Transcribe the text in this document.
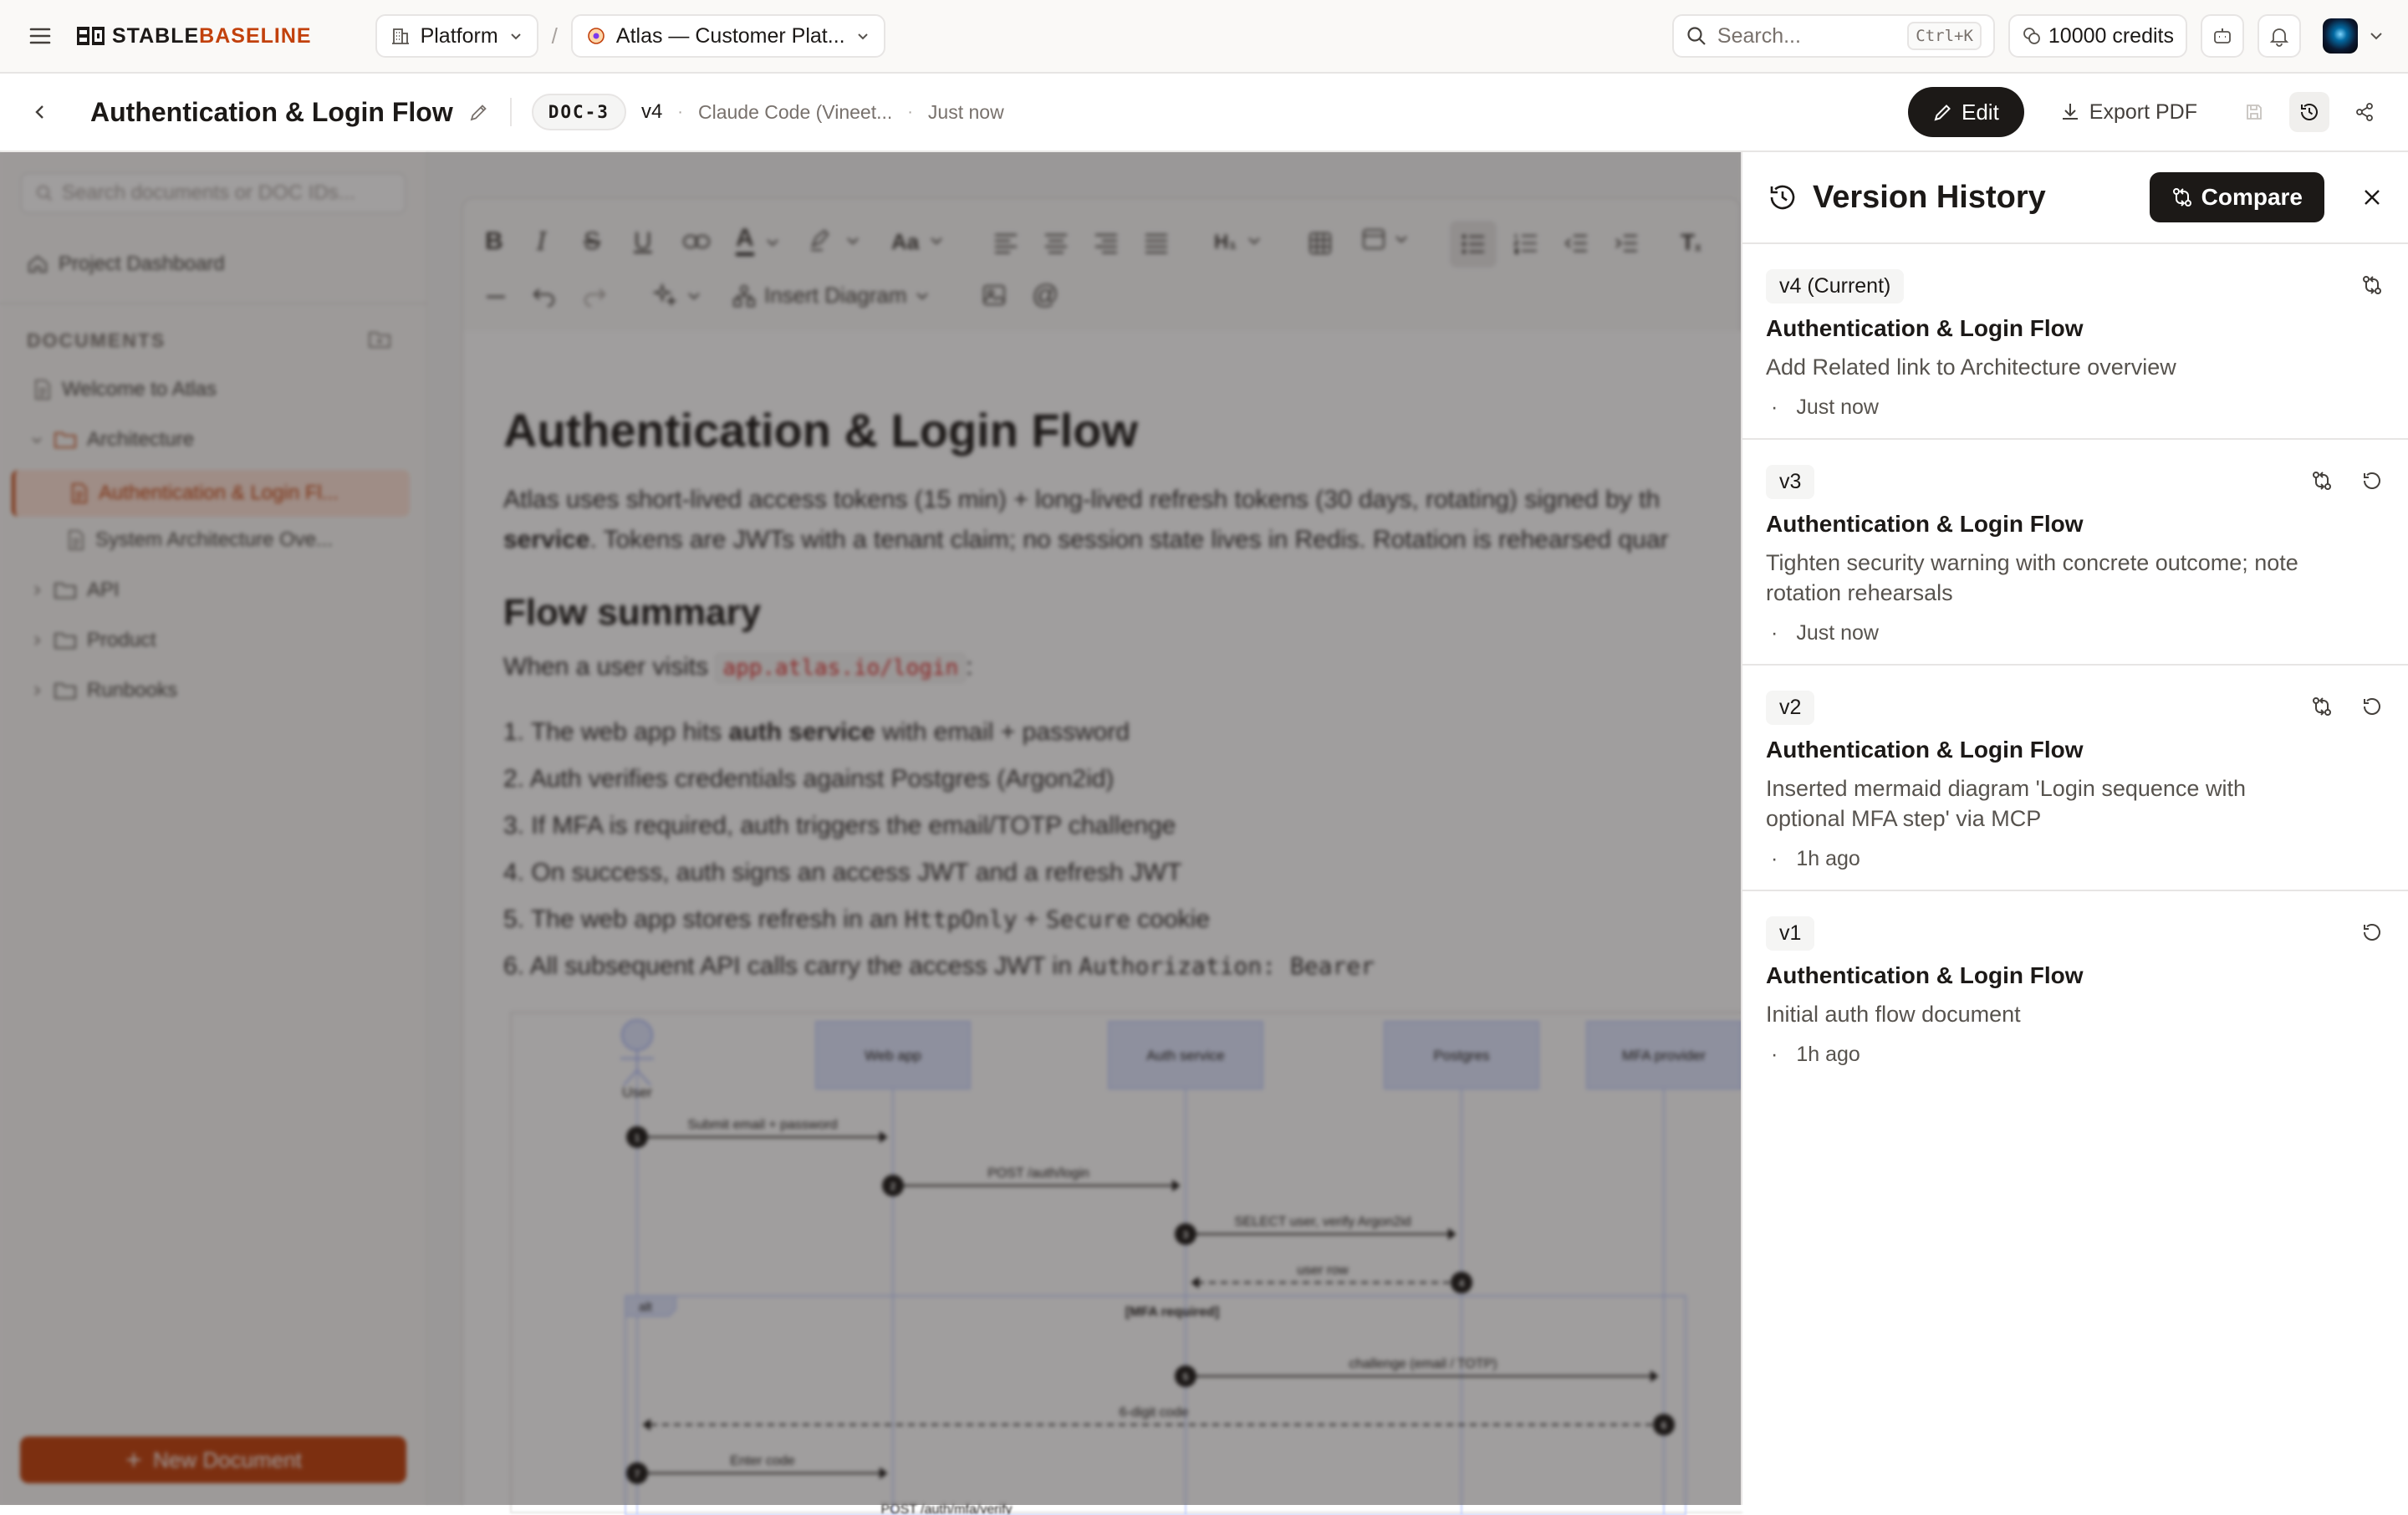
STABLEBASELINE	Platform /	Atlas — Customer Plat...	Search...	Ctrl+K	10000 credits
Authentication & Login Flow	DOC-3	v4 · Claude Code (Vineet... · Just now	Edit	Export PDF
Search documents or DOC IDs...
Project Dashboard
DOCUMENTS
Welcome to Atlas
Architecture
Authentication & Login Fl...
System Architecture Ove...
API
Product
Runbooks
New Document
B I S U	A	Aa	H₁	Tₓ
Insert Diagram	@
Authentication & Login Flow
Atlas uses short-lived access tokens (15 min) + long-lived refresh tokens (30 days, rotating) signed by th
service. Tokens are JWTs with a tenant claim; no session state lives in Redis. Rotation is rehearsed quar
Flow summary
When a user visits app.atlas.io/login :
1. The web app hits auth service with email + password
2. Auth verifies credentials against Postgres (Argon2id)
3. If MFA is required, auth triggers the email/TOTP challenge
4. On success, auth signs an access JWT and a refresh JWT
5. The web app stores refresh in an HttpOnly + Secure cookie
6. All subsequent API calls carry the access JWT in Authorization: Bearer
User
Web app	Auth service	Postgres	MFA provider
Submit email + password
POST /auth/login
SELECT user, verify Argon2id
user row
challenge (email / TOTP)
6-digit code
Enter code
POST /auth/mfa/verify
alt	[MFA required]
1
2
3
4
5
6
7
Version History	Compare
v4 (Current)
Authentication & Login Flow
Add Related link to Architecture overview
· Just now
v3
Authentication & Login Flow
Tighten security warning with concrete outcome; note rotation rehearsals
· Just now
v2
Authentication & Login Flow
Inserted mermaid diagram 'Login sequence with optional MFA step' via MCP
· 1h ago
v1
Authentication & Login Flow
Initial auth flow document
· 1h ago
